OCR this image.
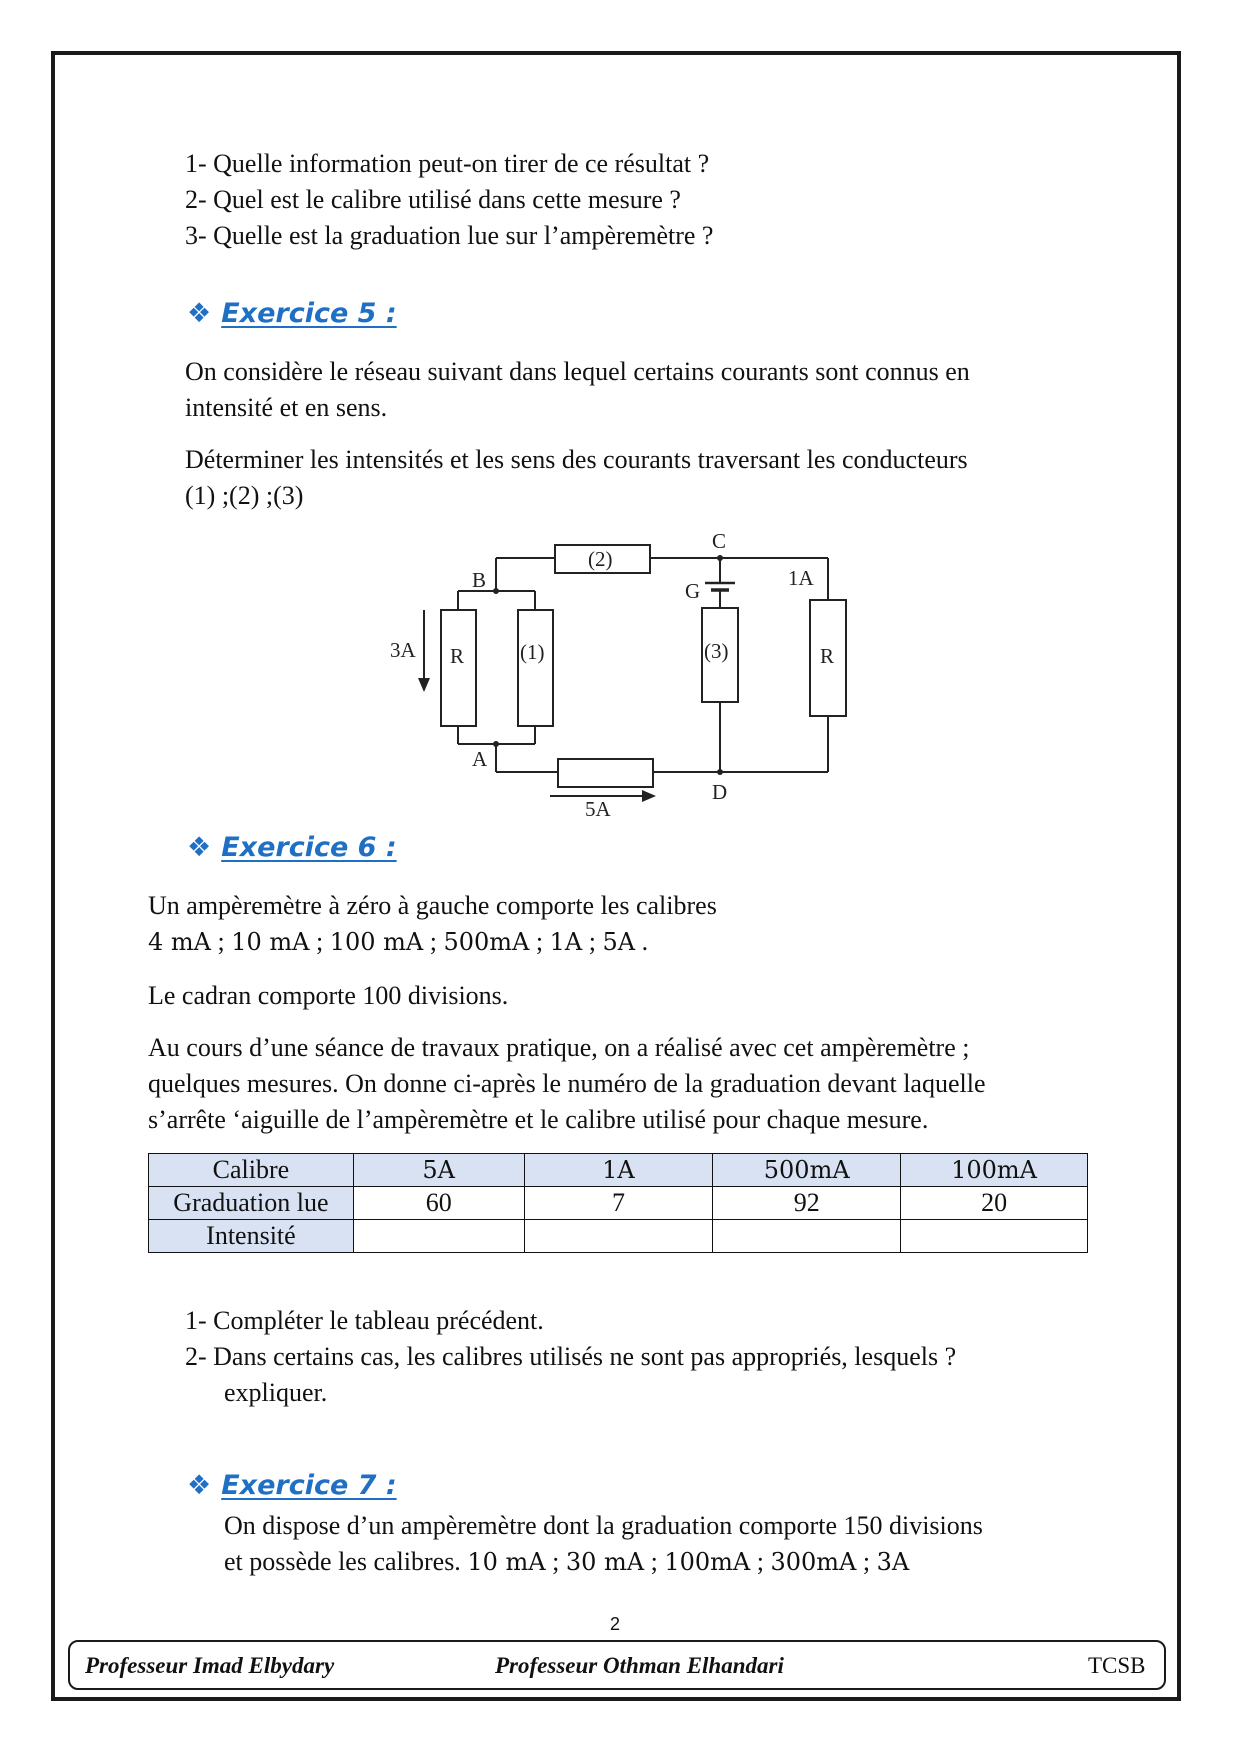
1- Quelle information peut-on tirer de ce résultat ?
2- Quel est le calibre utilisé dans cette mesure ?
3- Quelle est la graduation lue sur l’ampèremètre ?
❖ Exercice 5 :
On considère le réseau suivant dans lequel certains courants sont connus en
intensité et en sens.
Déterminer les intensités et les sens des courants traversant les conducteurs
(1) ;(2) ;(3)
B
C
G
A
D
(2)
(1)	(3)
R	R
3A
1A
5A
❖ Exercice 6 :
Un ampèremètre à zéro à gauche comporte les calibres
4 mA ; 10 mA ; 100 mA ; 500mA ; 1A ; 5A .
Le cadran comporte 100 divisions.
Au cours d’une séance de travaux pratique, on a réalisé avec cet ampèremètre ;
quelques mesures. On donne ci-après le numéro de la graduation devant laquelle
s’arrête ‘aiguille de l’ampèremètre et le calibre utilisé pour chaque mesure.
Calibre	5A	1A	500mA	100mA
Graduation lue	60	7	92	20
Intensité				
1- Compléter le tableau précédent.
2- Dans certains cas, les calibres utilisés ne sont pas appropriés, lesquels ?
expliquer.
❖ Exercice 7 :
On dispose d’un ampèremètre dont la graduation comporte 150 divisions
et possède les calibres. 10 mA ; 30 mA ; 100mA ; 300mA ; 3A
2
Professeur Imad Elbydary	Professeur Othman Elhandari	TCSB
